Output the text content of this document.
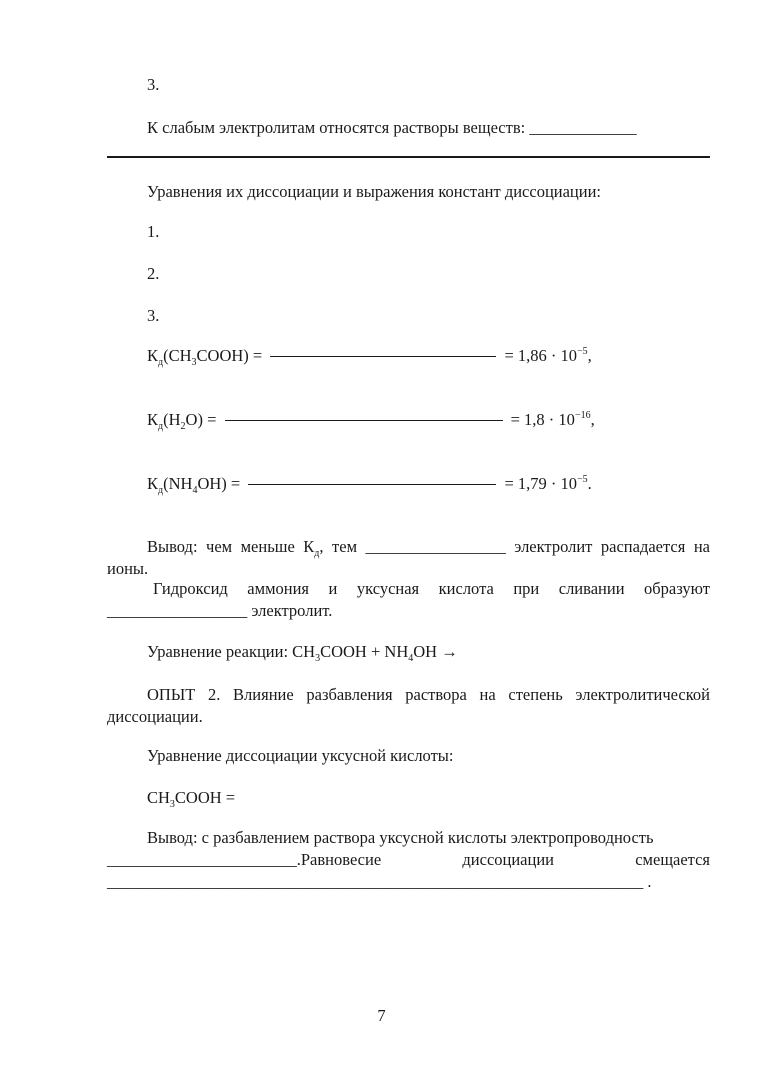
3.
К слабым электролитам относятся растворы веществ: _____________
Уравнения их диссоциации и выражения констант диссоциации:
1.
2.
3.
$К_д(CH_3COOH)$ =	= $1,86 \cdot 10^{-5}$,
$К_д(H_2O)$ =	= $1,8 \cdot 10^{-16}$,
$К_д(NH_4OH)$ =	= $1,79 \cdot 10^{-5}$.
Вывод: чем меньше $К_д$, тем _________________ электролит распадается на ионы.
Гидроксид аммония и уксусная кислота при сливании образуют _________________ электролит.
Уравнение реакции: $CH_3COOH + NH_4OH$ →
ОПЫТ 2. Влияние разбавления раствора на степень электролитической диссоциации.
Уравнение диссоциации уксусной кислоты:
$CH_3COOH$ =
Вывод: с разбавлением раствора уксусной кислоты электропроводность
_______________________.Равновесие	диссоциации	смещается
_________________________________________________________________ .
7
